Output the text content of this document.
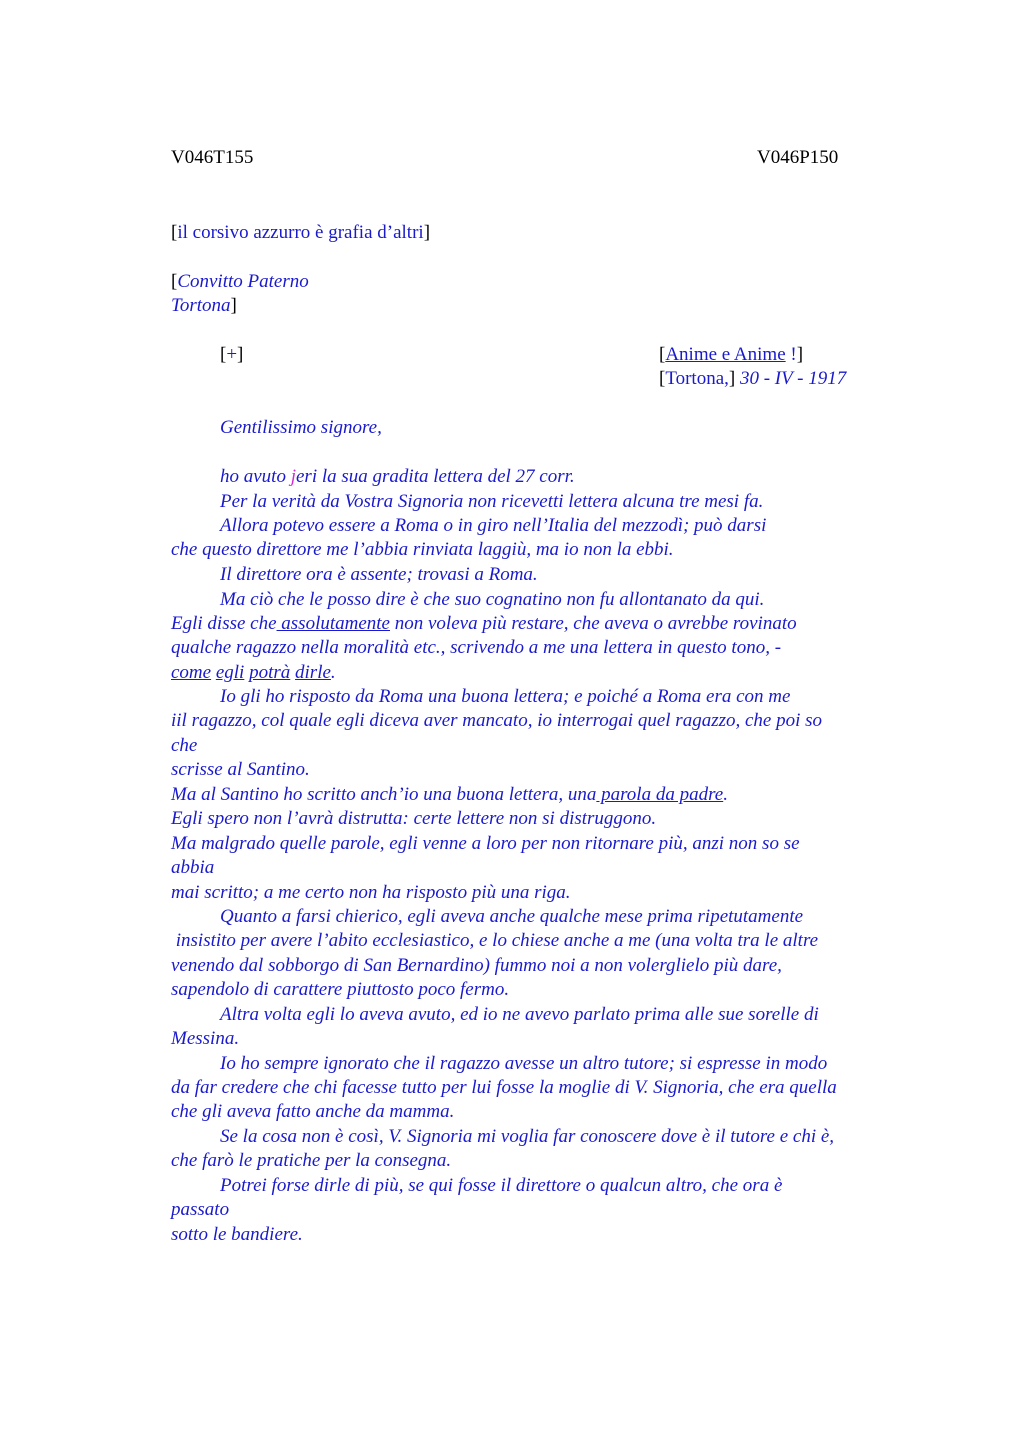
V046T155	V046P150
[il corsivo azzurro è grafia d’altri]
[Convitto Paterno
Tortona]
[+]	[Anime e Anime !]
[Tortona,] 30 - IV - 1917
Gentilissimo signore,
ho avuto jeri la sua gradita lettera del 27 corr.
Per la verità da Vostra Signoria non ricevetti lettera alcuna tre mesi fa.
Allora potevo essere a Roma o in giro nell’Italia del mezzodì; può darsi
che questo direttore me l’abbia rinviata laggiù, ma io non la ebbi.
Il direttore ora è assente; trovasi a Roma.
Ma ciò che le posso dire è che suo cognatino non fu allontanato da qui.
Egli disse che assolutamente non voleva più restare, che aveva o avrebbe rovinato
qualche ragazzo nella moralità etc., scrivendo a me una lettera in questo tono, -
come egli potrà dirle.
Io gli ho risposto da Roma una buona lettera; e poiché a Roma era con me
iil ragazzo, col quale egli diceva aver mancato, io interrogai quel ragazzo, che poi so
che
scrisse al Santino.
Ma al Santino ho scritto anch’io una buona lettera, una parola da padre.
Egli spero non l’avrà distrutta: certe lettere non si distruggono.
Ma malgrado quelle parole, egli venne a loro per non ritornare più, anzi non so se
abbia
mai scritto; a me certo non ha risposto più una riga.
Quanto a farsi chierico, egli aveva anche qualche mese prima ripetutamente
insistito per avere l’abito ecclesiastico, e lo chiese anche a me (una volta tra le altre
venendo dal sobborgo di San Bernardino) fummo noi a non volerglielo più dare,
sapendolo di carattere piuttosto poco fermo.
Altra volta egli lo aveva avuto, ed io ne avevo parlato prima alle sue sorelle di
Messina.
Io ho sempre ignorato che il ragazzo avesse un altro tutore; si espresse in modo
da far credere che chi facesse tutto per lui fosse la moglie di V. Signoria, che era quella
che gli aveva fatto anche da mamma.
Se la cosa non è così, V. Signoria mi voglia far conoscere dove è il tutore e chi è,
che farò le pratiche per la consegna.
Potrei forse dirle di più, se qui fosse il direttore o qualcun altro, che ora è
passato
sotto le bandiere.
